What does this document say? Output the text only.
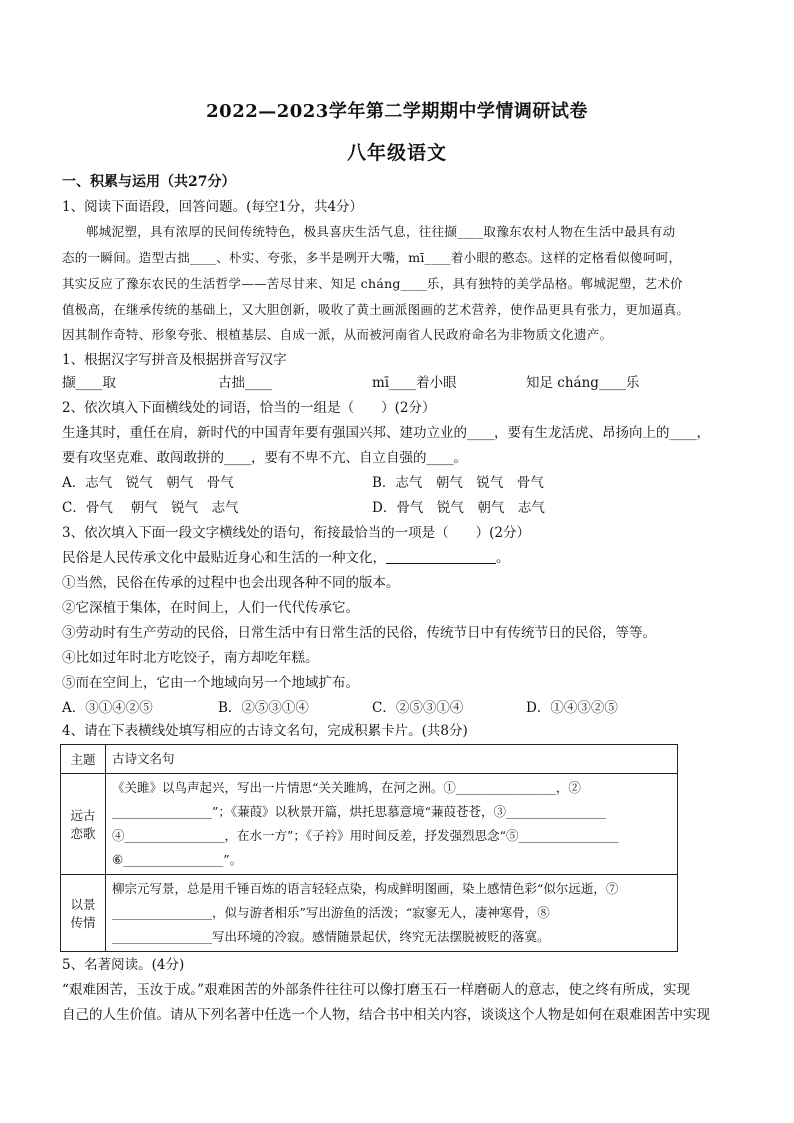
2022—2023学年第二学期期中学情调研试卷
八年级语文
一、积累与运用（共27分）
1、阅读下面语段，回答问题。(每空1分，共4分）
郸城泥塑，具有浓厚的民间传统特色，极具喜庆生活气息，往往撷____取豫东农村人物在生活中最具有动
态的一瞬间。造型古拙____、朴实、夸张，多半是咧开大嘴，mī____着小眼的憨态。这样的定格看似傻呵呵，
其实反应了豫东农民的生活哲学——苦尽甘来、知足 cháng____乐，具有独特的美学品格。郸城泥塑，艺术价
值极高，在继承传统的基础上，又大胆创新，吸收了黄土画派图画的艺术营养，使作品更具有张力，更加逼真。
因其制作奇特、形象夸张、根植基层、自成一派，从而被河南省人民政府命名为非物质文化遗产。
1、根据汉字写拼音及根据拼音写汉字
撷____取	古拙____	mī____着小眼	知足 cháng____乐
2、依次填入下面横线处的词语，恰当的一组是（　　）(2分）
生逢其时，重任在肩，新时代的中国青年要有强国兴邦、建功立业的____，要有生龙活虎、昂扬向上的____，
要有攻坚克难、敢闯敢拼的____，要有不卑不亢、自立自强的____。
A．志气　锐气　朝气　骨气	B．志气　朝气　锐气　骨气
C．骨气　 朝气　锐气　志气	D．骨气　锐气　朝气　志气
3、依次填入下面一段文字横线处的语句，衔接最恰当的一项是（　　）(2分）
民俗是人民传承文化中最贴近身心和生活的一种文化，	。
①当然，民俗在传承的过程中也会出现各种不同的版本。
②它深植于集体，在时间上，人们一代代传承它。
③劳动时有生产劳动的民俗，日常生活中有日常生活的民俗，传统节日中有传统节日的民俗，等等。
④比如过年时北方吃饺子，南方却吃年糕。
⑤而在空间上，它由一个地域向另一个地域扩布。
A．③①④②⑤	B．②⑤③①④	C．②⑤③①④	D．①④③②⑤
4、请在下表横线处填写相应的古诗文名句，完成积累卡片。(共8分)
主题	古诗文名句

远古
恋歌	《关雎》以鸟声起兴，写出一片情思“关关雎鸠，在河之洲。①________________，②
________________”；《蒹葭》以秋景开篇，烘托思慕意境“蒹葭苍苍，③________________
④________________，在水一方”；《子衿》用时间反差，抒发强烈思念“⑤________________
⑥________________”。

以景
传情	柳宗元写景，总是用千锤百炼的语言轻轻点染，构成鲜明图画，染上感情色彩“似尔远逝，⑦
________________，似与游者相乐”写出游鱼的活泼；“寂寥无人，凄神寒骨，⑧
________________写出环境的冷寂。感情随景起伏，终究无法摆脱被贬的落寞。
5、名著阅读。(4分)
“艰难困苦，玉汝于成。”艰难困苦的外部条件往往可以像打磨玉石一样磨砺人的意志，使之终有所成，实现
自己的人生价值。请从下列名著中任选一个人物，结合书中相关内容，谈谈这个人物是如何在艰难困苦中实现
